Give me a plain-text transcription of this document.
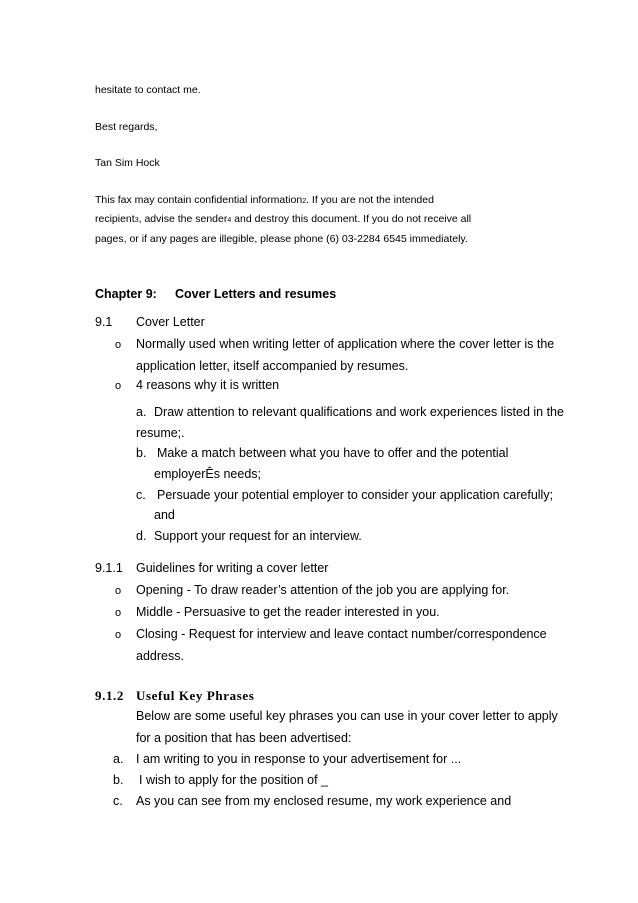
hesitate to contact me.
Best regards,
Tan Sim Hock
This fax may contain confidential information2. If you are not the intended
recipient3, advise the sender4 and destroy this document. If you do not receive all
pages, or if any pages are illegible, please phone (6) 03-2284 6545 immediately.
Chapter 9: Cover Letters and resumes
9.1 Cover Letter
o Normally used when writing letter of application where the cover letter is the
application letter, itself accompanied by resumes.
o 4 reasons why it is written
a. Draw attention to relevant qualifications and work experiences listed in the
resume;.
b. Make a match between what you have to offer and the potential
employerÊs needs;
c. Persuade your potential employer to consider your application carefully;
and
d. Support your request for an interview.
9.1.1 Guidelines for writing a cover letter
o Opening - To draw reader’s attention of the job you are applying for.
o Middle - Persuasive to get the reader interested in you.
o Closing - Request for interview and leave contact number/correspondence
address.
9.1.2 Useful Key Phrases
Below are some useful key phrases you can use in your cover letter to apply
for a position that has been advertised:
a. I am writing to you in response to your advertisement for ...
b. I wish to apply for the position of _
c. As you can see from my enclosed resume, my work experience and
